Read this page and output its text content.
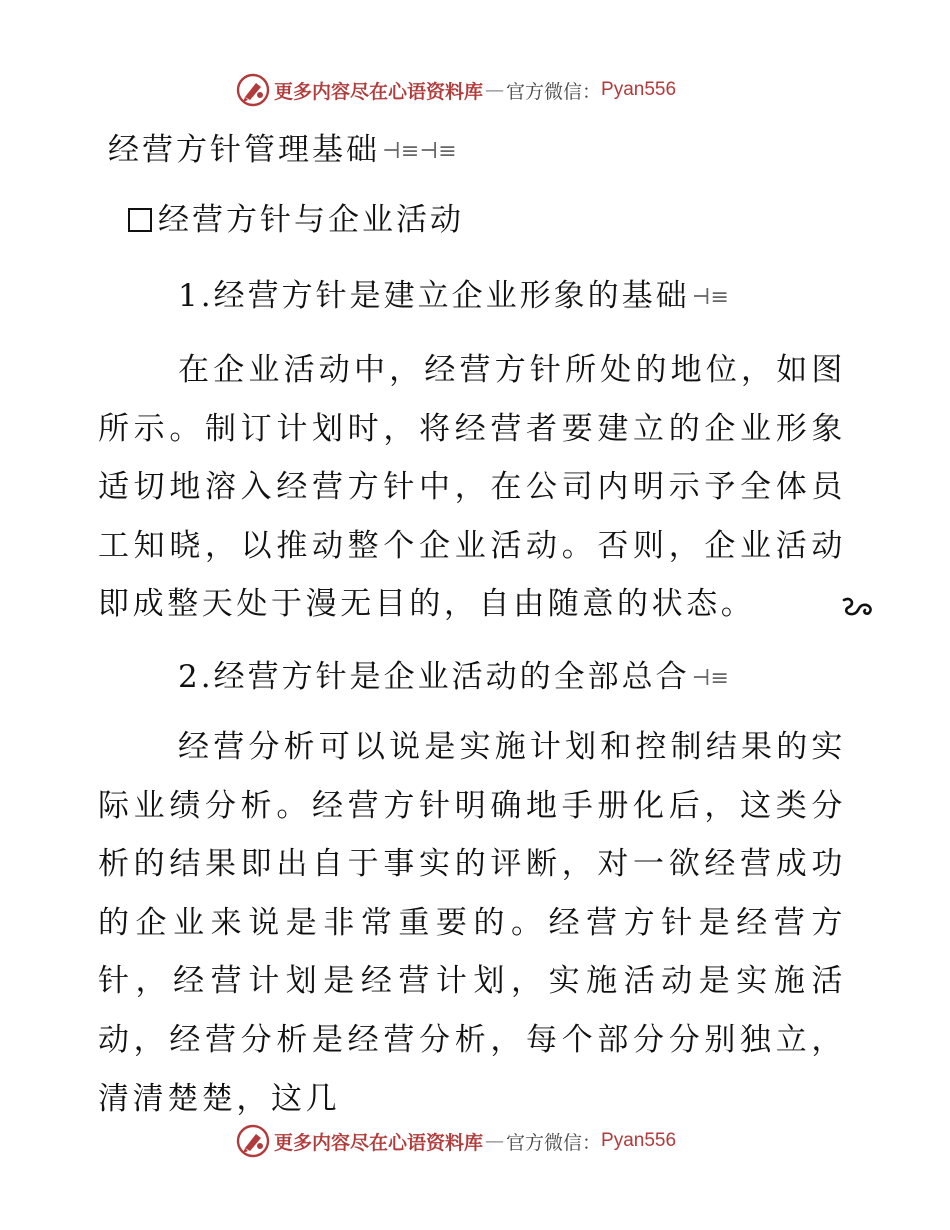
更多内容尽在心语资料库 — 官方微信： Pyan556
经营方针管理基础⊣≡⊣≡
经营方针与企业活动
1.经营方针是建立企业形象的基础⊣≡
在企业活动中，经营方针所处的地位，如图所示。制订计划时，将经营者要建立的企业形象适切地溶入经营方针中，在公司内明示予全体员工知晓，以推动整个企业活动。否则，企业活动即成整天处于漫无目的，自由随意的状态。
2.经营方针是企业活动的全部总合⊣≡
经营分析可以说是实施计划和控制结果的实际业绩分析。经营方针明确地手册化后，这类分析的结果即出自于事实的评断，对一欲经营成功的企业来说是非常重要的。经营方针是经营方针，经营计划是经营计划，实施活动是实施活动，经营分析是经营分析，每个部分分别独立，清清楚楚，这几
更多内容尽在心语资料库 — 官方微信： Pyan556
